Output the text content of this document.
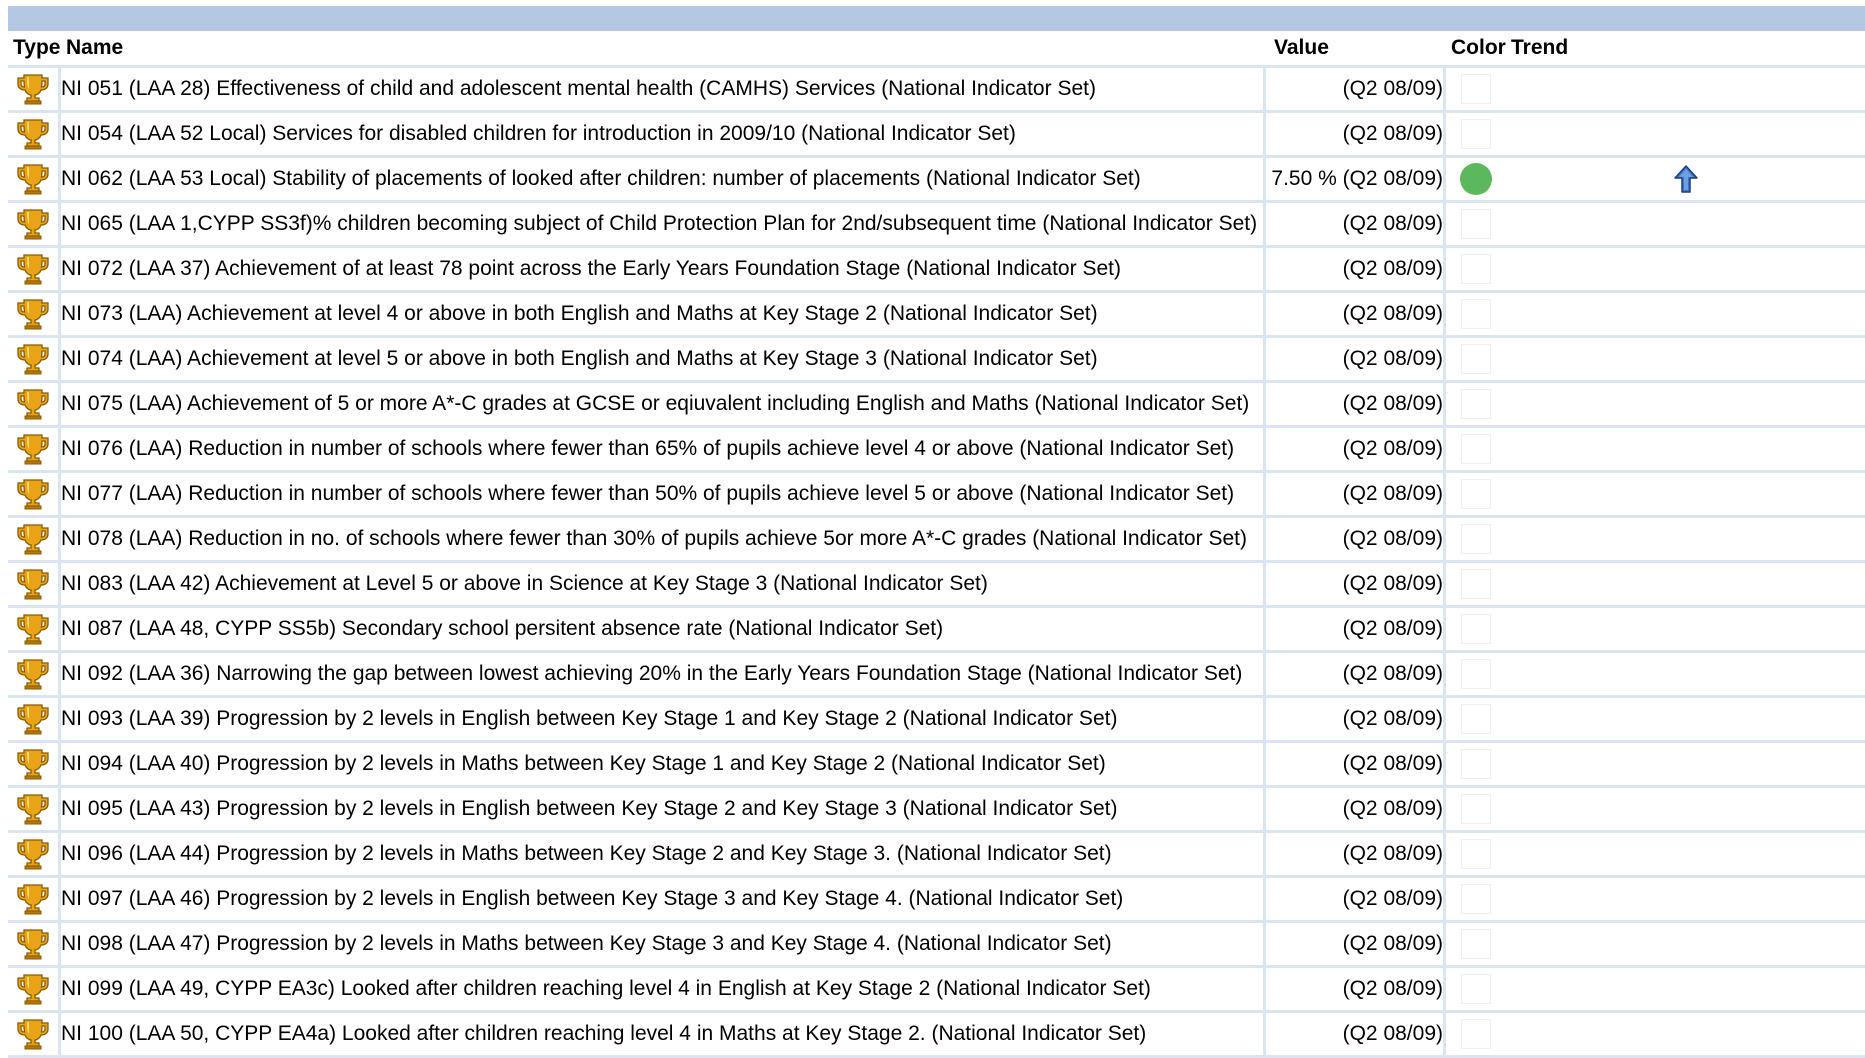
Type	Name	Value	Color	Trend
	NI 051 (LAA 28) Effectiveness of child and adolescent mental health (CAMHS) Services (National Indicator Set)	(Q2 08/09)		
	NI 054 (LAA 52 Local) Services for disabled children for introduction in 2009/10 (National Indicator Set)	(Q2 08/09)		
	NI 062 (LAA 53 Local) Stability of placements of looked after children: number of placements (National Indicator Set)	7.50 % (Q2 08/09)		
	NI 065 (LAA 1,CYPP SS3f)% children becoming subject of Child Protection Plan for 2nd/subsequent time (National Indicator Set)	(Q2 08/09)		
	NI 072 (LAA 37) Achievement of at least 78 point across the Early Years Foundation Stage (National Indicator Set)	(Q2 08/09)		
	NI 073 (LAA) Achievement at level 4 or above in both English and Maths at Key Stage 2 (National Indicator Set)	(Q2 08/09)		
	NI 074 (LAA) Achievement at level 5 or above in both English and Maths at Key Stage 3 (National Indicator Set)	(Q2 08/09)		
	NI 075 (LAA) Achievement of 5 or more A*-C grades at GCSE or eqiuvalent including English and Maths (National Indicator Set)	(Q2 08/09)		
	NI 076 (LAA) Reduction in number of schools where fewer than 65% of pupils achieve level 4 or above (National Indicator Set)	(Q2 08/09)		
	NI 077 (LAA) Reduction in number of schools where fewer than 50% of pupils achieve level 5 or above (National Indicator Set)	(Q2 08/09)		
	NI 078 (LAA) Reduction in no. of schools where fewer than 30% of pupils achieve 5or more A*-C grades (National Indicator Set)	(Q2 08/09)		
	NI 083 (LAA 42) Achievement at Level 5 or above in Science at Key Stage 3 (National Indicator Set)	(Q2 08/09)		
	NI 087 (LAA 48, CYPP SS5b) Secondary school persitent absence rate (National Indicator Set)	(Q2 08/09)		
	NI 092 (LAA 36) Narrowing the gap between lowest achieving 20% in the Early Years Foundation Stage (National Indicator Set)	(Q2 08/09)		
	NI 093 (LAA 39) Progression by 2 levels in English between Key Stage 1 and Key Stage 2 (National Indicator Set)	(Q2 08/09)		
	NI 094 (LAA 40) Progression by 2 levels in Maths between Key Stage 1 and Key Stage 2 (National Indicator Set)	(Q2 08/09)		
	NI 095 (LAA 43) Progression by 2 levels in English between Key Stage 2 and Key Stage 3 (National Indicator Set)	(Q2 08/09)		
	NI 096 (LAA 44) Progression by 2 levels in Maths between Key Stage 2 and Key Stage 3. (National Indicator Set)	(Q2 08/09)		
	NI 097 (LAA 46) Progression by 2 levels in English between Key Stage 3 and Key Stage 4. (National Indicator Set)	(Q2 08/09)		
	NI 098 (LAA 47) Progression by 2 levels in Maths between Key Stage 3 and Key Stage 4. (National Indicator Set)	(Q2 08/09)		
	NI 099 (LAA 49, CYPP EA3c) Looked after children reaching level 4 in English at Key Stage 2 (National Indicator Set)	(Q2 08/09)		
	NI 100 (LAA 50, CYPP EA4a) Looked after children reaching level 4 in Maths at Key Stage 2. (National Indicator Set)	(Q2 08/09)		
